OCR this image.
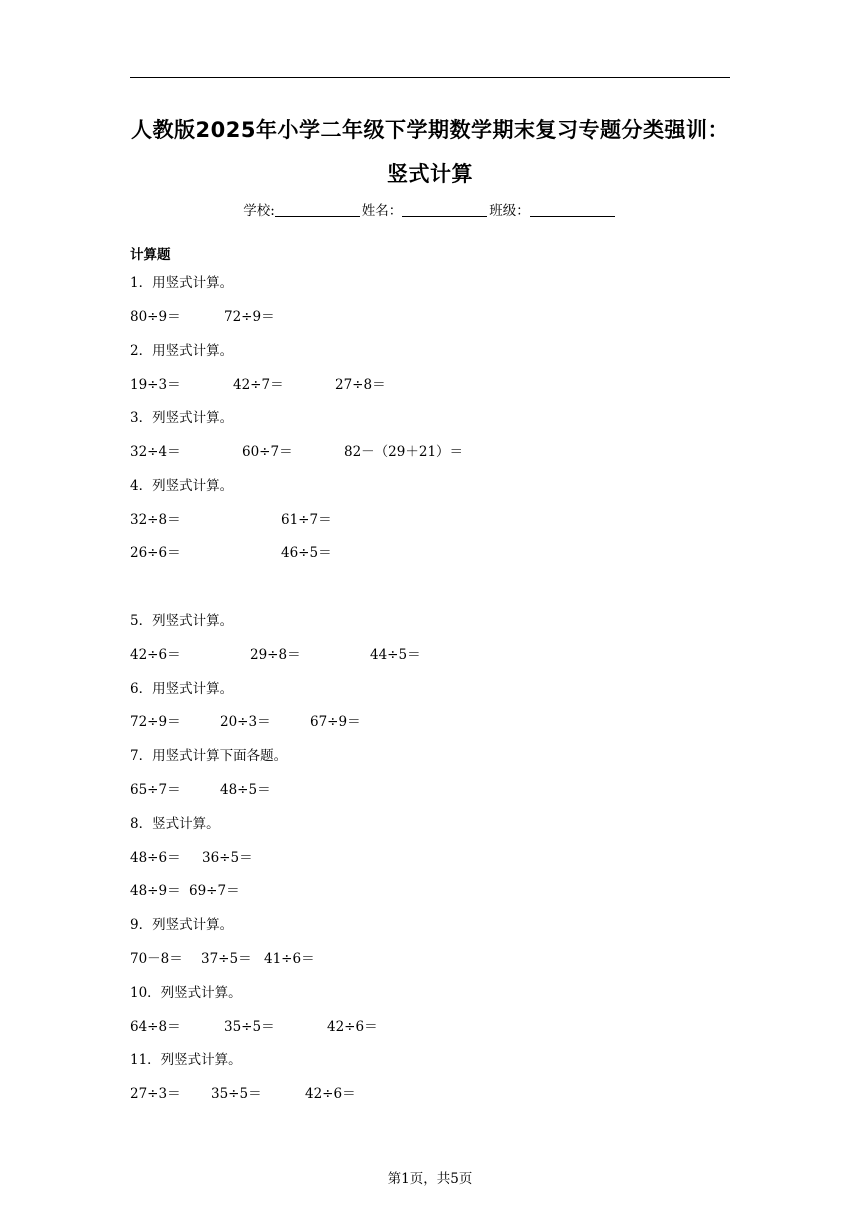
人教版2025年小学二年级下学期数学期末复习专题分类强训：
竖式计算
学校:	姓名：	班级：
计算题
1．用竖式计算。
80÷9＝	72÷9＝
2．用竖式计算。
19÷3＝	42÷7＝	27÷8＝
3．列竖式计算。
32÷4＝	60÷7＝	82－（29＋21）＝
4．列竖式计算。
32÷8＝	61÷7＝
26÷6＝	46÷5＝
5．列竖式计算。
42÷6＝	29÷8＝	44÷5＝
6．用竖式计算。
72÷9＝	20÷3＝	67÷9＝
7．用竖式计算下面各题。
65÷7＝	48÷5＝
8．竖式计算。
48÷6＝ 36÷5＝
48÷9＝ 69÷7＝
9．列竖式计算。
70－8＝ 37÷5＝ 41÷6＝
10．列竖式计算。
64÷8＝	35÷5＝	42÷6＝
11．列竖式计算。
27÷3＝ 35÷5＝	42÷6＝
第1页，共5页
